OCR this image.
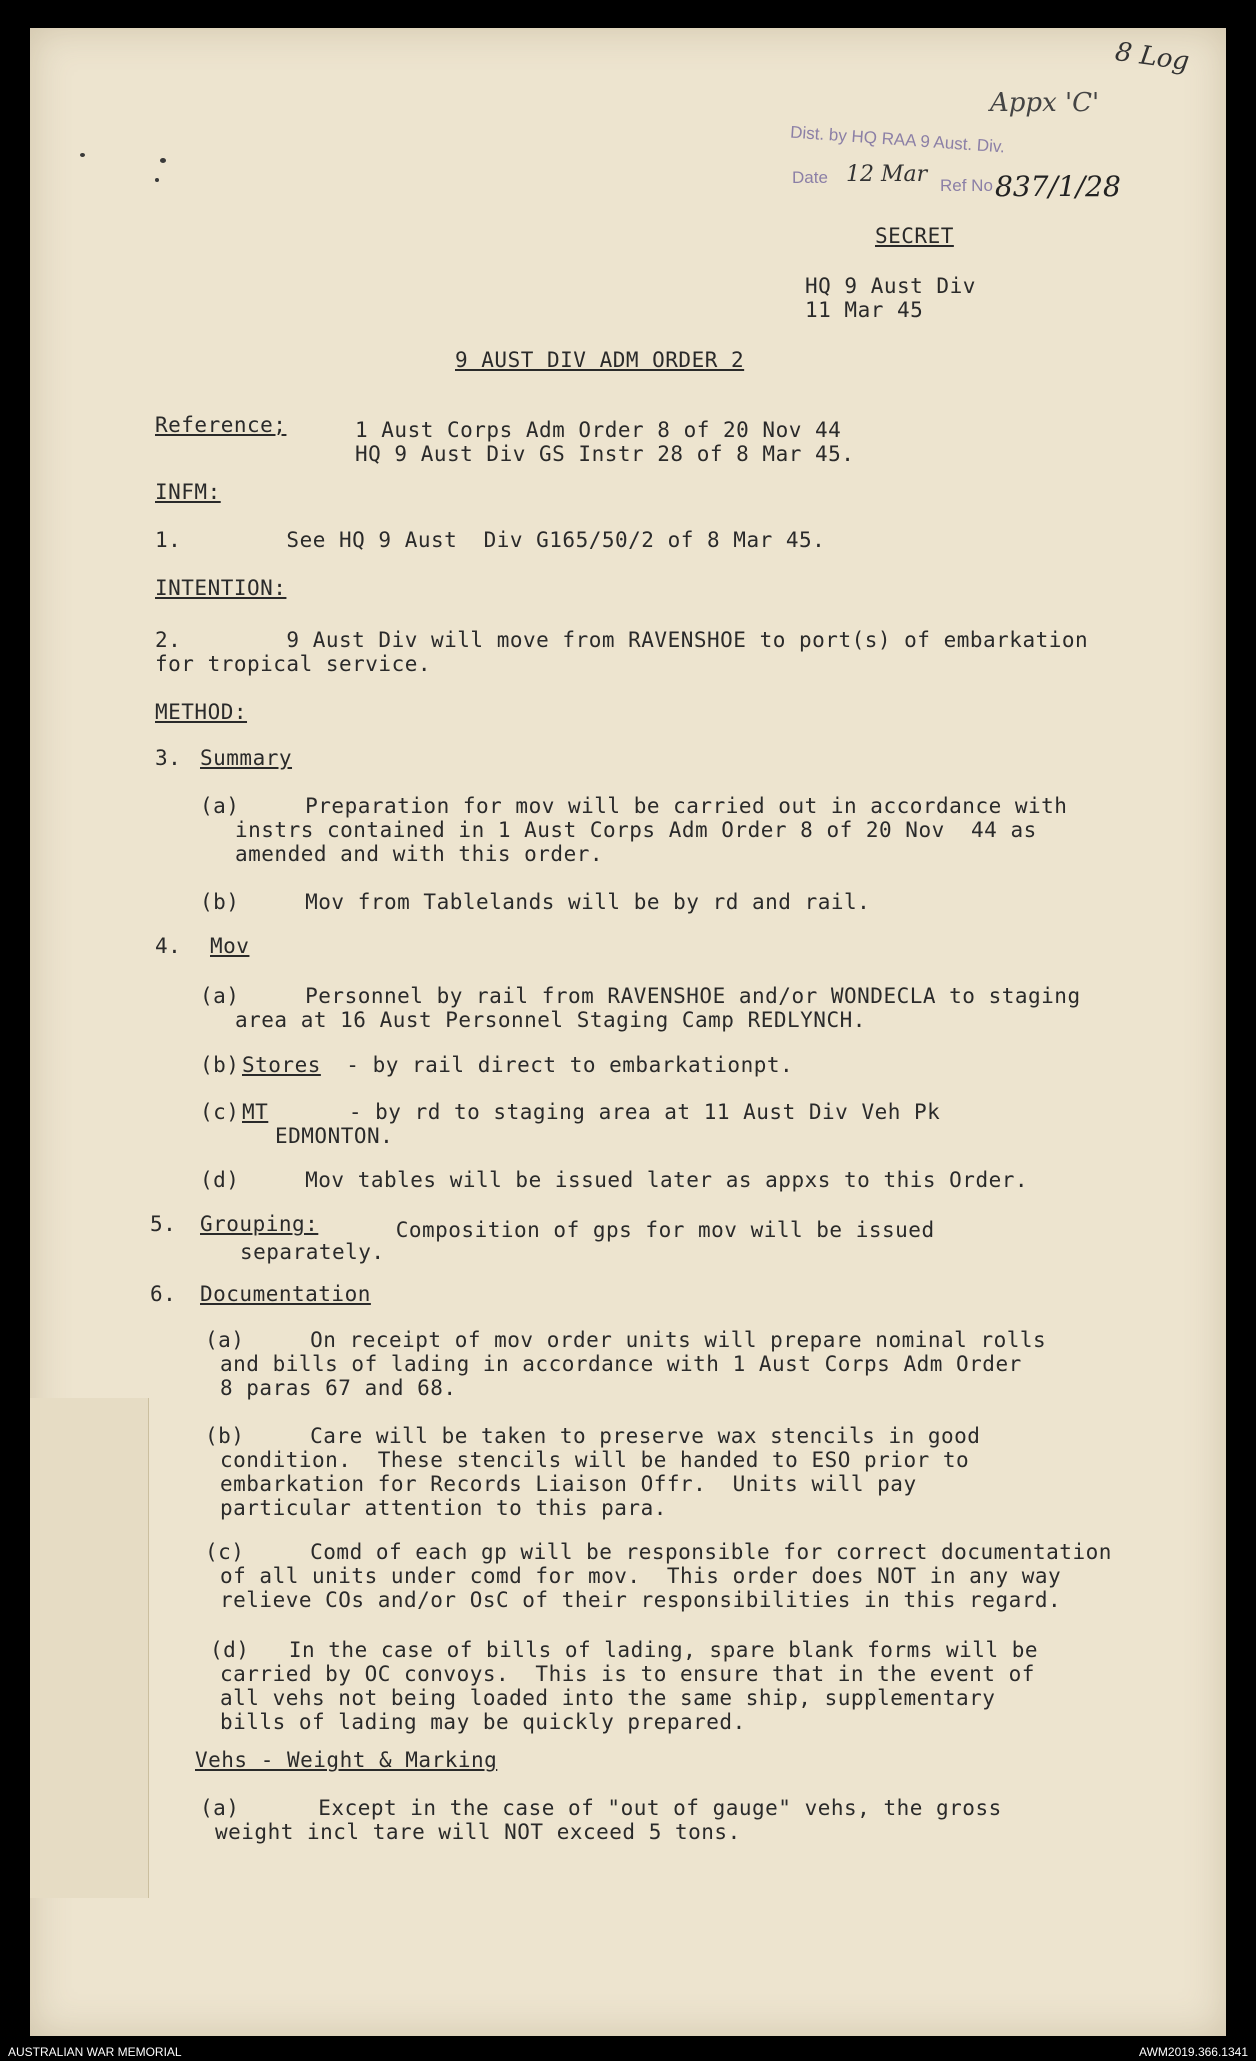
8 Log
Appx 'C'
Dist. by HQ RAA 9 Aust. Div.
Date 12 Mar Ref No 837/1/28
SECRET
HQ 9 Aust Div
11 Mar 45
9 AUST DIV ADM ORDER 2
Reference;	1 Aust Corps Adm Order 8 of 20 Nov 44
HQ 9 Aust Div GS Instr 28 of 8 Mar 45.
INFM:
1.        See HQ 9 Aust  Div G165/50/2 of 8 Mar 45.
INTENTION:
2.        9 Aust Div will move from RAVENSHOE to port(s) of embarkation
for tropical service.
METHOD:
3. Summary
(a)     Preparation for mov will be carried out in accordance with
instrs contained in 1 Aust Corps Adm Order 8 of 20 Nov  44 as
amended and with this order.
(b)     Mov from Tablelands will be by rd and rail.
4. Mov
(a)     Personnel by rail from RAVENSHOE and/or WONDECLA to staging
area at 16 Aust Personnel Staging Camp REDLYNCH.
(b) Stores - by rail direct to embarkationpt.
(c) MT - by rd to staging area at 11 Aust Div Veh Pk
EDMONTON.
(d)     Mov tables will be issued later as appxs to this Order.
5. Grouping: Composition of gps for mov will be issued
separately.
6. Documentation
(a)     On receipt of mov order units will prepare nominal rolls
and bills of lading in accordance with 1 Aust Corps Adm Order
8 paras 67 and 68.
(b)     Care will be taken to preserve wax stencils in good
condition.  These stencils will be handed to ESO prior to
embarkation for Records Liaison Offr.  Units will pay
particular attention to this para.
(c)     Comd of each gp will be responsible for correct documentation
of all units under comd for mov.  This order does NOT in any way
relieve COs and/or OsC of their responsibilities in this regard.
(d)   In the case of bills of lading, spare blank forms will be
carried by OC convoys.  This is to ensure that in the event of
all vehs not being loaded into the same ship, supplementary
bills of lading may be quickly prepared.
Vehs - Weight & Marking
(a)      Except in the case of "out of gauge" vehs, the gross
weight incl tare will NOT exceed 5 tons.
AUSTRALIAN WAR MEMORIAL	AWM2019.366.1341
